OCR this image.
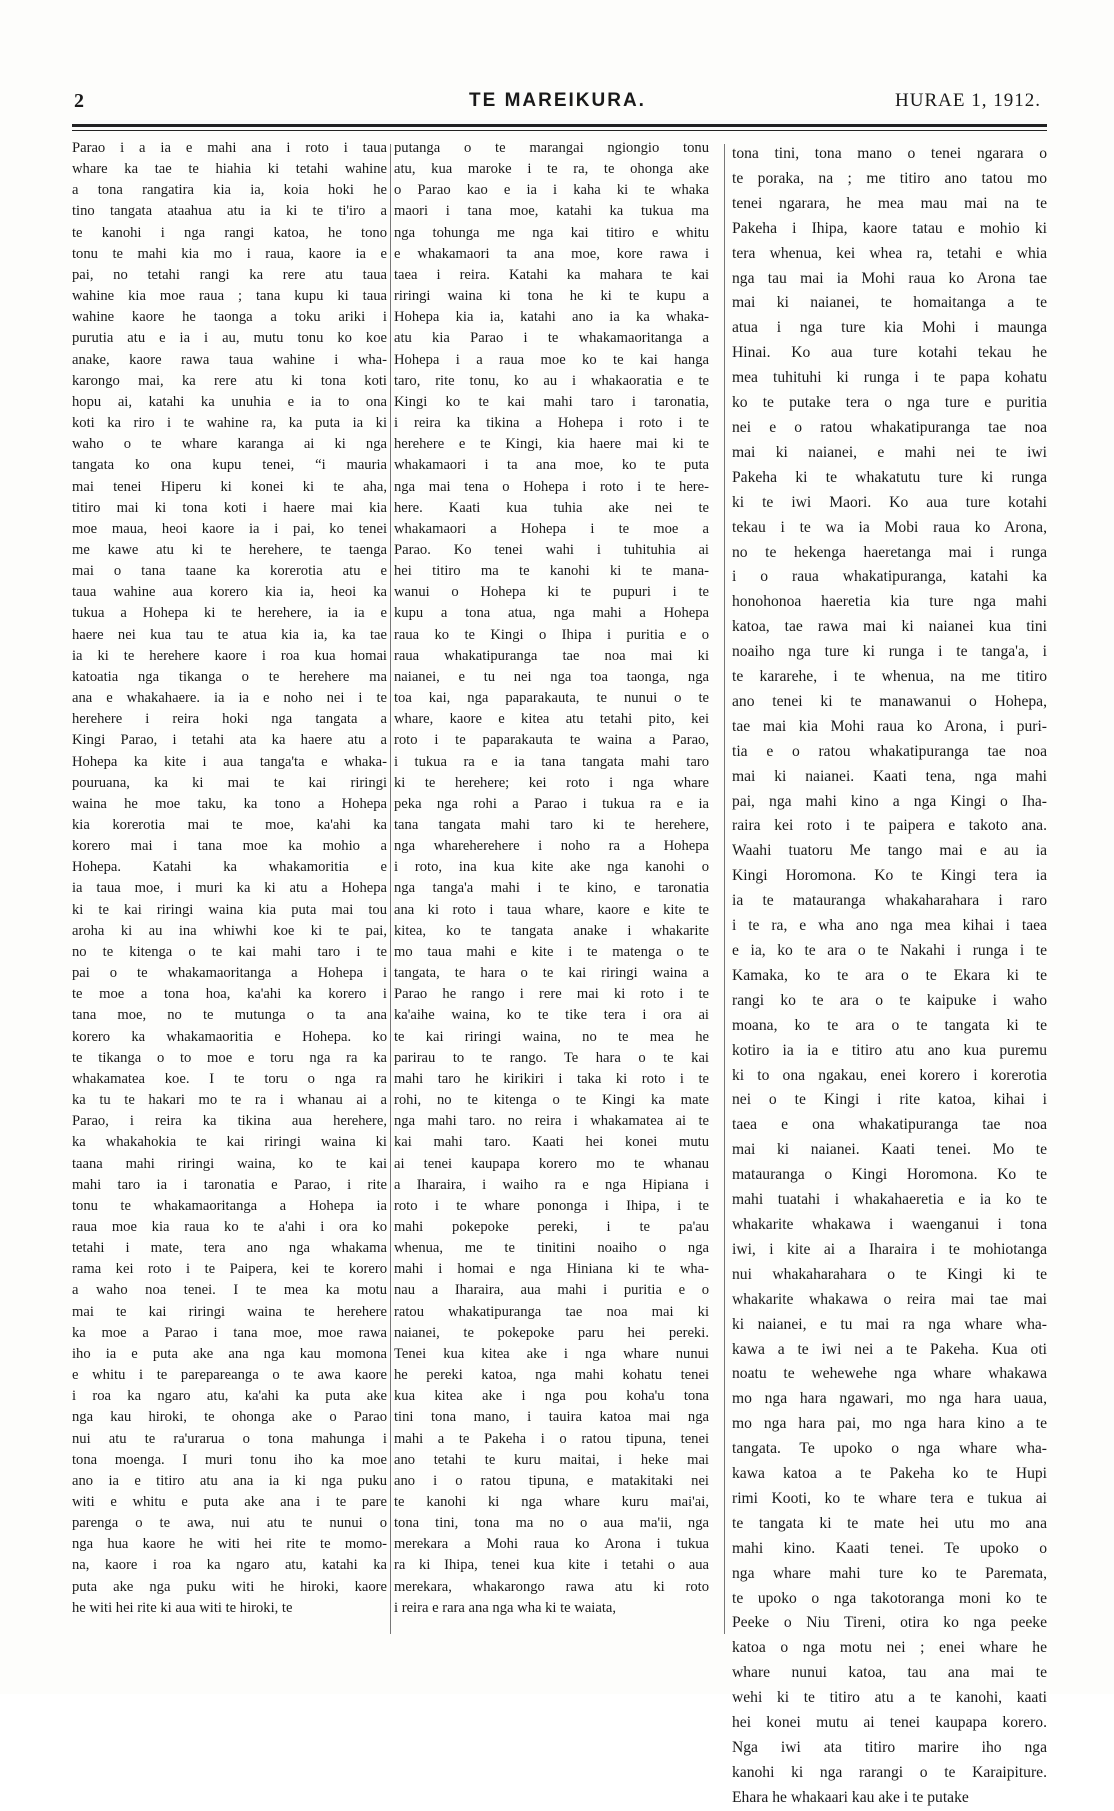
2	TE MAREIKURA.	HURAE 1, 1912.
Parao i a ia e mahi ana i roto i taua
whare ka tae te hiahia ki tetahi wahine
a tona rangatira kia ia, koia hoki he
tino tangata ataahua atu ia ki te ti'iro a
te kanohi i nga rangi katoa, he tono
tonu te mahi kia mo i raua, kaore ia e
pai, no tetahi rangi ka rere atu taua
wahine kia moe raua ; tana kupu ki taua
wahine kaore he taonga a toku ariki i
purutia atu e ia i au, mutu tonu ko koe
anake, kaore rawa taua wahine i wha-
karongo mai, ka rere atu ki tona koti
hopu ai, katahi ka unuhia e ia to ona
koti ka riro i te wahine ra, ka puta ia ki
waho o te whare karanga ai ki nga
tangata ko ona kupu tenei, “i mauria
mai tenei Hiperu ki konei ki te aha,
titiro mai ki tona koti i haere mai kia
moe maua, heoi kaore ia i pai, ko tenei
me kawe atu ki te herehere, te taenga
mai o tana taane ka korerotia atu e
taua wahine aua korero kia ia, heoi ka
tukua a Hohepa ki te herehere, ia ia e
haere nei kua tau te atua kia ia, ka tae
ia ki te herehere kaore i roa kua homai
katoatia nga tikanga o te herehere ma
ana e whakahaere. ia ia e noho nei i te
herehere i reira hoki nga tangata a
Kingi Parao, i tetahi ata ka haere atu a
Hohepa ka kite i aua tanga'ta e whaka-
pouruana, ka ki mai te kai riringi
waina he moe taku, ka tono a Hohepa
kia korerotia mai te moe, ka'ahi ka
korero mai i tana moe ka mohio a
Hohepa. Katahi ka whakamoritia e
ia taua moe, i muri ka ki atu a Hohepa
ki te kai riringi waina kia puta mai tou
aroha ki au ina whiwhi koe ki te pai,
no te kitenga o te kai mahi taro i te
pai o te whakamaoritanga a Hohepa i
te moe a tona hoa, ka'ahi ka korero i
tana moe, no te mutunga o ta ana
korero ka whakamaoritia e Hohepa. ko
te tikanga o to moe e toru nga ra ka
whakamatea koe. I te toru o nga ra
ka tu te hakari mo te ra i whanau ai a
Parao, i reira ka tikina aua herehere,
ka whakahokia te kai riringi waina ki
taana mahi riringi waina, ko te kai
mahi taro ia i taronatia e Parao, i rite
tonu te whakamaoritanga a Hohepa ia
raua moe kia raua ko te a'ahi i ora ko
tetahi i mate, tera ano nga whakama
rama kei roto i te Paipera, kei te korero
a waho noa tenei. I te mea ka motu
mai te kai riringi waina te herehere
ka moe a Parao i tana moe, moe rawa
iho ia e puta ake ana nga kau momona
e whitu i te parepareanga o te awa kaore
i roa ka ngaro atu, ka'ahi ka puta ake
nga kau hiroki, te ohonga ake o Parao
nui atu te ra'urarua o tona mahunga i
tona moenga. I muri tonu iho ka moe
ano ia e titiro atu ana ia ki nga puku
witi e whitu e puta ake ana i te pare
parenga o te awa, nui atu te nunui o
nga hua kaore he witi hei rite te momo-
na, kaore i roa ka ngaro atu, katahi ka
puta ake nga puku witi he hiroki, kaore
he witi hei rite ki aua witi te hiroki, te
putanga o te marangai ngiongio tonu
atu, kua maroke i te ra, te ohonga ake
o Parao kao e ia i kaha ki te whaka
maori i tana moe, katahi ka tukua ma
nga tohunga me nga kai titiro e whitu
e whakamaori ta ana moe, kore rawa i
taea i reira. Katahi ka mahara te kai
riringi waina ki tona he ki te kupu a
Hohepa kia ia, katahi ano ia ka whaka-
atu kia Parao i te whakamaoritanga a
Hohepa i a raua moe ko te kai hanga
taro, rite tonu, ko au i whakaoratia e te
Kingi ko te kai mahi taro i taronatia,
i reira ka tikina a Hohepa i roto i te
herehere e te Kingi, kia haere mai ki te
whakamaori i ta ana moe, ko te puta
nga mai tena o Hohepa i roto i te here-
here. Kaati kua tuhia ake nei te
whakamaori a Hohepa i te moe a
Parao. Ko tenei wahi i tuhituhia ai
hei titiro ma te kanohi ki te mana-
wanui o Hohepa ki te pupuri i te
kupu a tona atua, nga mahi a Hohepa
raua ko te Kingi o Ihipa i puritia e o
raua whakatipuranga tae noa mai ki
naianei, e tu nei nga toa taonga, nga
toa kai, nga paparakauta, te nunui o te
whare, kaore e kitea atu tetahi pito, kei
roto i te paparakauta te waina a Parao,
i tukua ra e ia tana tangata mahi taro
ki te herehere; kei roto i nga whare
peka nga rohi a Parao i tukua ra e ia
tana tangata mahi taro ki te herehere,
nga whareherehere i noho ra a Hohepa
i roto, ina kua kite ake nga kanohi o
nga tanga'a mahi i te kino, e taronatia
ana ki roto i taua whare, kaore e kite te
kitea, ko te tangata anake i whakarite
mo taua mahi e kite i te matenga o te
tangata, te hara o te kai riringi waina a
Parao he rango i rere mai ki roto i te
ka'aihe waina, ko te tike tera i ora ai
te kai riringi waina, no te mea he
parirau to te rango. Te hara o te kai
mahi taro he kirikiri i taka ki roto i te
rohi, no te kitenga o te Kingi ka mate
nga mahi taro. no reira i whakamatea ai te
kai mahi taro. Kaati hei konei mutu
ai tenei kaupapa korero mo te whanau
a Iharaira, i waiho ra e nga Hipiana i
roto i te whare pononga i Ihipa, i te
mahi pokepoke pereki, i te pa'au
whenua, me te tinitini noaiho o nga
mahi i homai e nga Hiniana ki te wha-
nau a Iharaira, aua mahi i puritia e o
ratou whakatipuranga tae noa mai ki
naianei, te pokepoke paru hei pereki.
Tenei kua kitea ake i nga whare nunui
he pereki katoa, nga mahi kohatu tenei
kua kitea ake i nga pou koha'u tona
tini tona mano, i tauira katoa mai nga
mahi a te Pakeha i o ratou tipuna, tenei
ano tetahi te kuru maitai, i heke mai
ano i o ratou tipuna, e matakitaki nei
te kanohi ki nga whare kuru mai'ai,
tona tini, tona ma no o aua ma'ii, nga
merekara a Mohi raua ko Arona i tukua
ra ki Ihipa, tenei kua kite i tetahi o aua
merekara, whakarongo rawa atu ki roto
i reira e rara ana nga wha ki te waiata,
tona tini, tona mano o tenei ngarara o
te poraka, na ; me titiro ano tatou mo
tenei ngarara, he mea mau mai na te
Pakeha i Ihipa, kaore tatau e mohio ki
tera whenua, kei whea ra, tetahi e whia
nga tau mai ia Mohi raua ko Arona tae
mai ki naianei, te homaitanga a te
atua i nga ture kia Mohi i maunga
Hinai. Ko aua ture kotahi tekau he
mea tuhituhi ki runga i te papa kohatu
ko te putake tera o nga ture e puritia
nei e o ratou whakatipuranga tae noa
mai ki naianei, e mahi nei te iwi
Pakeha ki te whakatutu ture ki runga
ki te iwi Maori. Ko aua ture kotahi
tekau i te wa ia Mobi raua ko Arona,
no te hekenga haeretanga mai i runga
i o raua whakatipuranga, katahi ka
honohonoa haeretia kia ture nga mahi
katoa, tae rawa mai ki naianei kua tini
noaiho nga ture ki runga i te tanga'a, i
te kararehe, i te whenua, na me titiro
ano tenei ki te manawanui o Hohepa,
tae mai kia Mohi raua ko Arona, i puri-
tia e o ratou whakatipuranga tae noa
mai ki naianei. Kaati tena, nga mahi
pai, nga mahi kino a nga Kingi o Iha-
raira kei roto i te paipera e takoto ana.
Waahi tuatoru Me tango mai e au ia
Kingi Horomona. Ko te Kingi tera ia
ia te matauranga whakaharahara i raro
i te ra, e wha ano nga mea kihai i taea
e ia, ko te ara o te Nakahi i runga i te
Kamaka, ko te ara o te Ekara ki te
rangi ko te ara o te kaipuke i waho
moana, ko te ara o te tangata ki te
kotiro ia ia e titiro atu ano kua puremu
ki to ona ngakau, enei korero i korerotia
nei o te Kingi i rite katoa, kihai i
taea e ona whakatipuranga tae noa
mai ki naianei. Kaati tenei. Mo te
matauranga o Kingi Horomona. Ko te
mahi tuatahi i whakahaeretia e ia ko te
whakarite whakawa i waenganui i tona
iwi, i kite ai a Iharaira i te mohiotanga
nui whakaharahara o te Kingi ki te
whakarite whakawa o reira mai tae mai
ki naianei, e tu mai ra nga whare wha-
kawa a te iwi nei a te Pakeha. Kua oti
noatu te wehewehe nga whare whakawa
mo nga hara ngawari, mo nga hara uaua,
mo nga hara pai, mo nga hara kino a te
tangata. Te upoko o nga whare wha-
kawa katoa a te Pakeha ko te Hupi
rimi Kooti, ko te whare tera e tukua ai
te tangata ki te mate hei utu mo ana
mahi kino. Kaati tenei. Te upoko o
nga whare mahi ture ko te Paremata,
te upoko o nga takotoranga moni ko te
Peeke o Niu Tireni, otira ko nga peeke
katoa o nga motu nei ; enei whare he
whare nunui katoa, tau ana mai te
wehi ki te titiro atu a te kanohi, kaati
hei konei mutu ai tenei kaupapa korero.
Nga iwi ata titiro marire iho nga
kanohi ki nga rarangi o te Karaipiture.
Ehara he whakaari kau ake i te putake
